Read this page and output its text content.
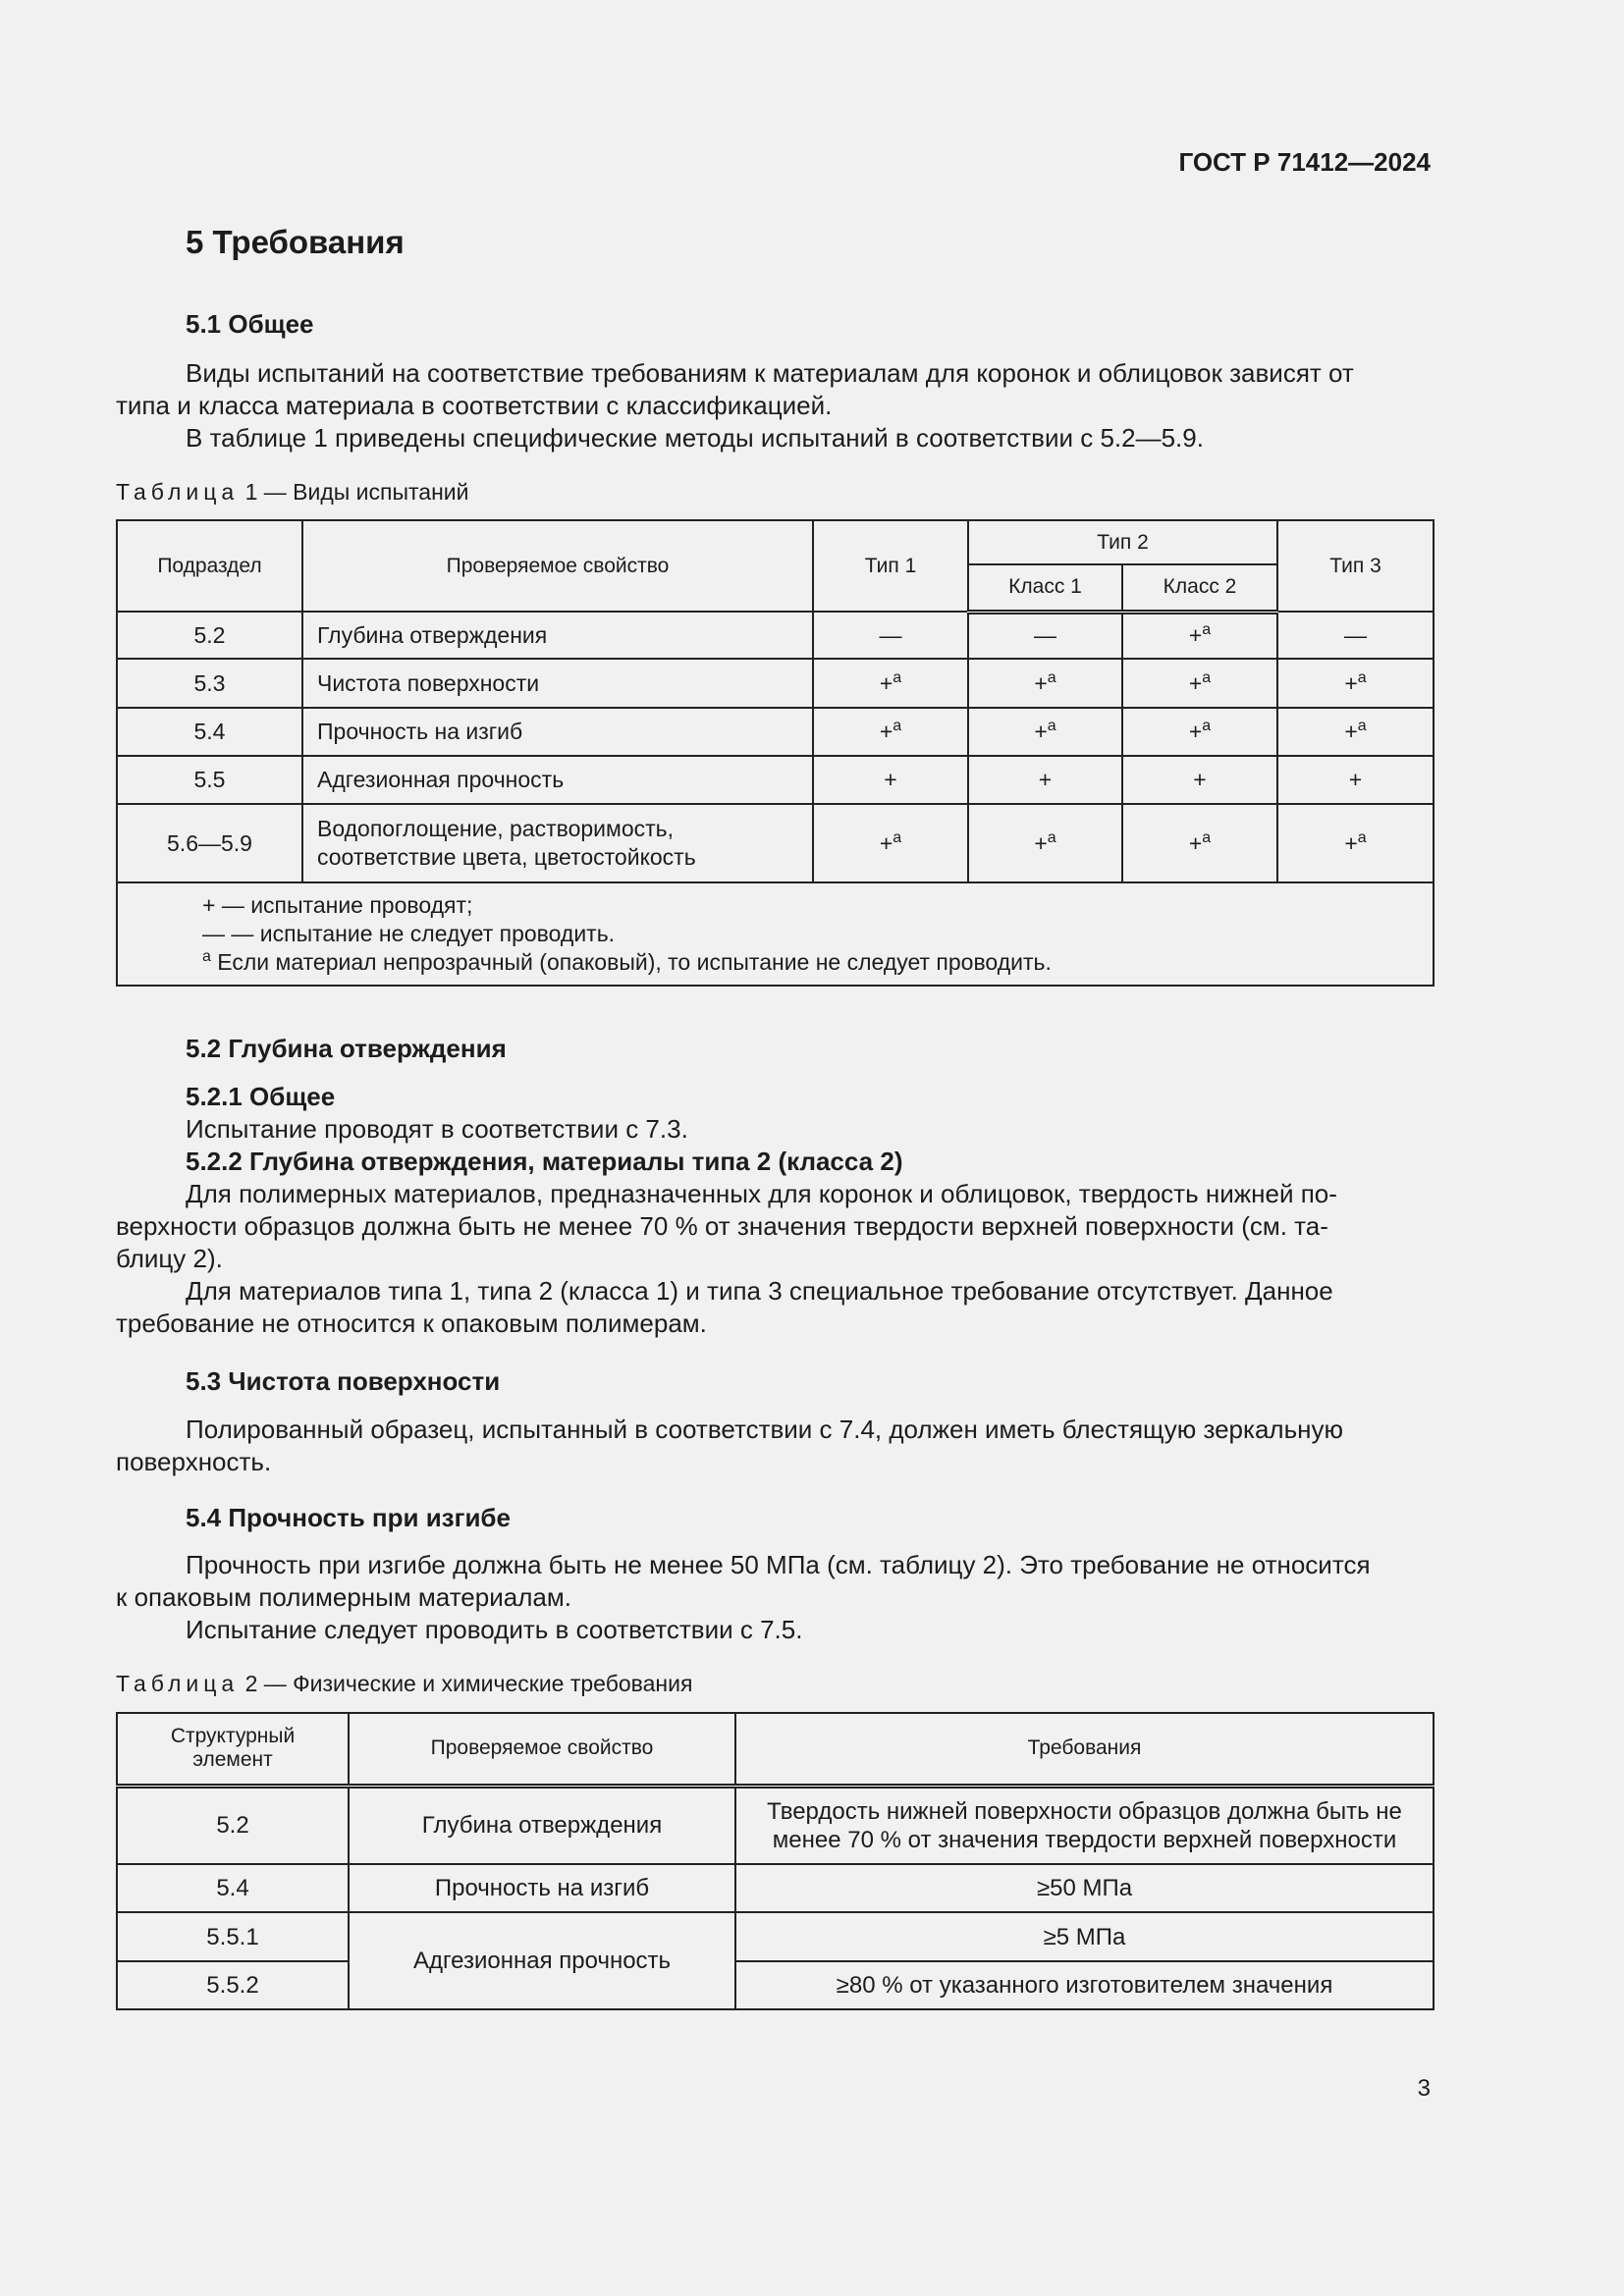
ГОСТ Р 71412—2024
5 Требования
5.1 Общее

Виды испытаний на соответствие требованиям к материалам для коронок и облицовок зависят от

типа и класса материала в соответствии с классификацией.

В таблице 1 приведены специфические методы испытаний в соответствии с 5.2—5.9.

Таблица 1 — Виды испытаний
Подраздел	Проверяемое свойство	Тип 1	Тип 2		Тип 3
			Класс 1	Класс 2	
5.2	Глубина отверждения	—	—	+$^a$	—
5.3	Чистота поверхности	+$^a$	+$^a$	+$^a$	+$^a$
5.4	Прочность на изгиб	+$^a$	+$^a$	+$^a$	+$^a$
5.5	Адгезионная прочность	+	+	+	+
5.6—5.9	Водопоглощение, растворимость,
соответствие цвета, цветостойкость	+$^a$	+$^a$	+$^a$	+$^a$

+ — испытание проводят;
— — испытание не следует проводить.
$^a$ Если материал непрозрачный (опаковый), то испытание не следует проводить.					
5.2 Глубина отверждения
5.2.1 Общее

Испытание проводят в соответствии с 7.3.

5.2.2 Глубина отверждения, материалы типа 2 (класса 2)

Для полимерных материалов, предназначенных для коронок и облицовок, твердость нижней по-

верхности образцов должна быть не менее 70 % от значения твердости верхней поверхности (см. та-
блицу 2).

Для материалов типа 1, типа 2 (класса 1) и типа 3 специальное требование отсутствует. Данное

требование не относится к опаковым полимерам.
5.3 Чистота поверхности

Полированный образец, испытанный в соответствии с 7.4, должен иметь блестящую зеркальную

поверхность.
5.4 Прочность при изгибе

Прочность при изгибе должна быть не менее 50 МПа (см. таблицу 2). Это требование не относится

к опаковым полимерным материалам.

Испытание следует проводить в соответствии с 7.5.

Таблица 2 — Физические и химические требования
Структурный
элемент	Проверяемое свойство	Требования
5.2	Глубина отверждения	Твердость нижней поверхности образцов должна быть не
менее 70 % от значения твердости верхней поверхности

5.4	Прочность на изгиб	≥50 МПа
5.5.1	Адгезионная прочность	≥5 МПа
5.5.2		≥80 % от указанного изготовителем значения
3
